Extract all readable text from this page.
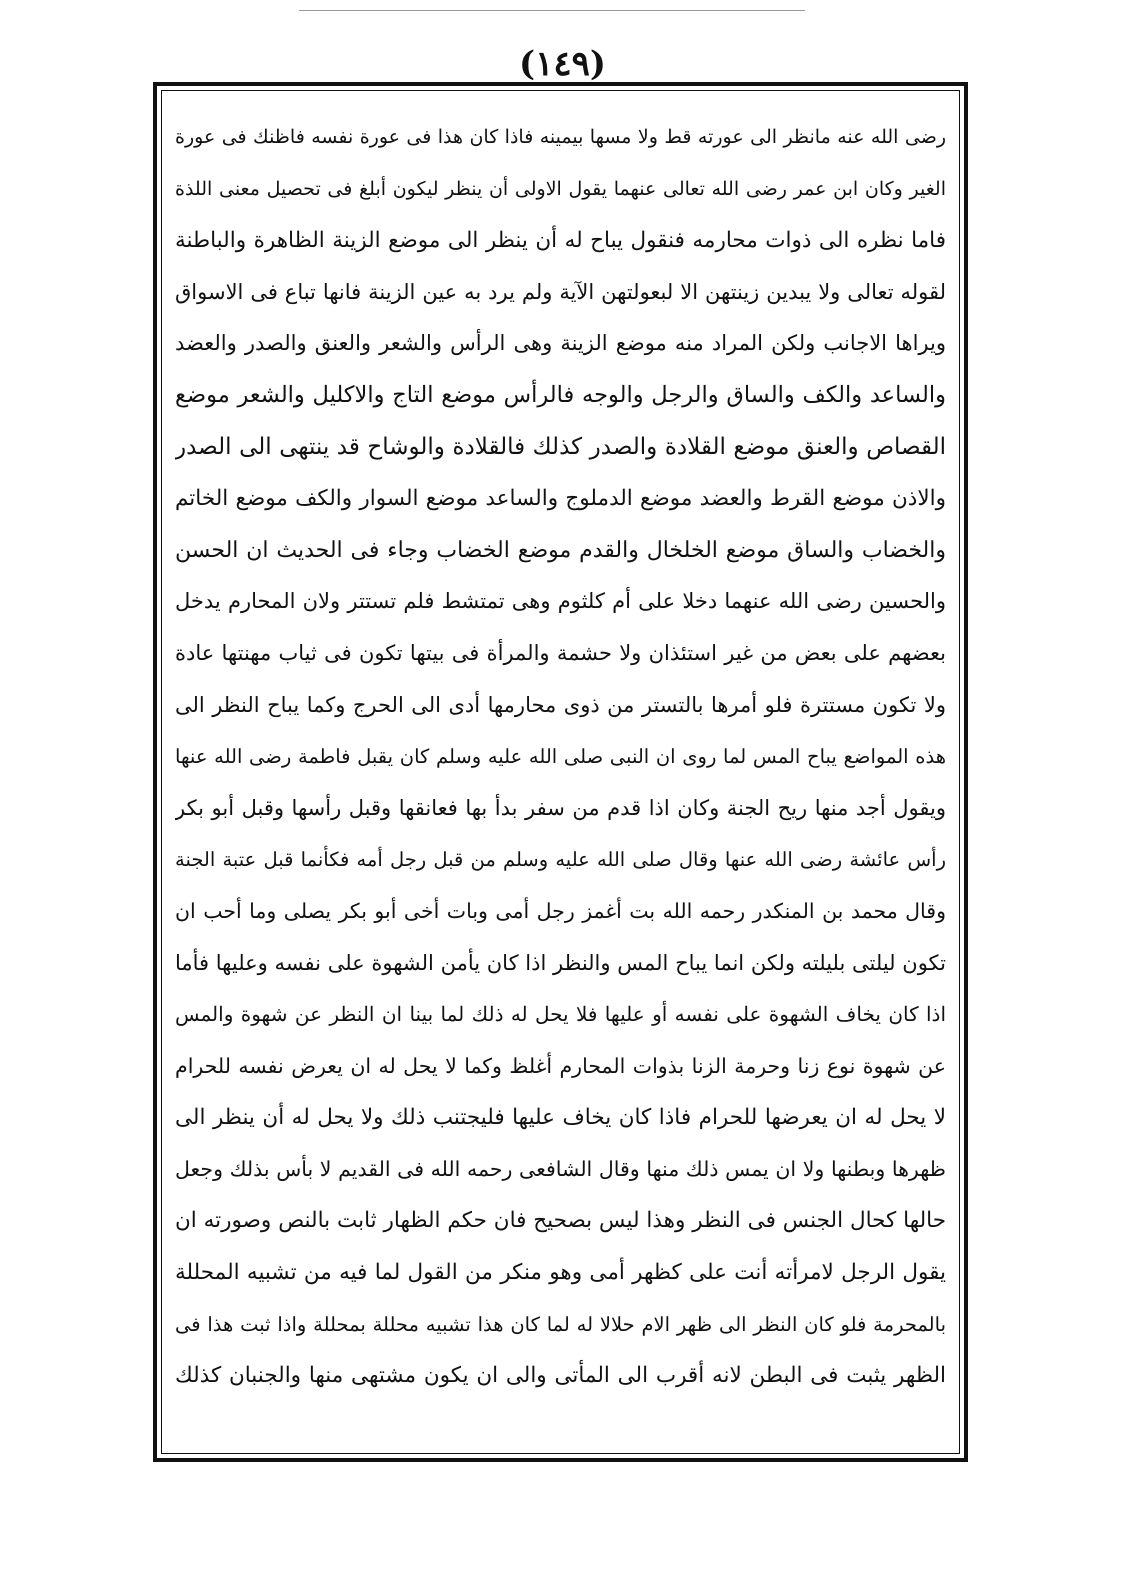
(١٤٩)
رضى الله عنه مانظر الى عورته قط ولا مسها بيمينه فاذا كان هذا فى عورة نفسه فاظنك فى عورة
الغير وكان ابن عمر رضى الله تعالى عنهما يقول الاولى أن ينظر ليكون أبلغ فى تحصيل معنى اللذة
فاما نظره الى ذوات محارمه فنقول يباح له أن ينظر الى موضع الزينة الظاهرة والباطنة
لقوله تعالى ولا يبدين زينتهن الا لبعولتهن الآية ولم يرد به عين الزينة فانها تباع فى الاسواق
ويراها الاجانب ولكن المراد منه موضع الزينة وهى الرأس والشعر والعنق والصدر والعضد
والساعد والكف والساق والرجل والوجه فالرأس موضع التاج والاكليل والشعر موضع
القصاص والعنق موضع القلادة والصدر كذلك فالقلادة والوشاح قد ينتهى الى الصدر
والاذن موضع القرط والعضد موضع الدملوج والساعد موضع السوار والكف موضع الخاتم
والخضاب والساق موضع الخلخال والقدم موضع الخضاب وجاء فى الحديث ان الحسن
والحسين رضى الله عنهما دخلا على أم كلثوم وهى تمتشط فلم تستتر ولان المحارم يدخل
بعضهم على بعض من غير استئذان ولا حشمة والمرأة فى بيتها تكون فى ثياب مهنتها عادة
ولا تكون مستترة فلو أمرها بالتستر من ذوى محارمها أدى الى الحرج وكما يباح النظر الى
هذه المواضع يباح المس لما روى ان النبى صلى الله عليه وسلم كان يقبل فاطمة رضى الله عنها
ويقول أجد منها ريح الجنة وكان اذا قدم من سفر بدأ بها فعانقها وقبل رأسها وقبل أبو بكر
رأس عائشة رضى الله عنها وقال صلى الله عليه وسلم من قبل رجل أمه فكأنما قبل عتبة الجنة
وقال محمد بن المنكدر رحمه الله بت أغمز رجل أمى وبات أخى أبو بكر يصلى وما أحب ان
تكون ليلتى بليلته ولكن انما يباح المس والنظر اذا كان يأمن الشهوة على نفسه وعليها فأما
اذا كان يخاف الشهوة على نفسه أو عليها فلا يحل له ذلك لما بينا ان النظر عن شهوة والمس
عن شهوة نوع زنا وحرمة الزنا بذوات المحارم أغلظ وكما لا يحل له ان يعرض نفسه للحرام
لا يحل له ان يعرضها للحرام فاذا كان يخاف عليها فليجتنب ذلك ولا يحل له أن ينظر الى
ظهرها وبطنها ولا ان يمس ذلك منها وقال الشافعى رحمه الله فى القديم لا بأس بذلك وجعل
حالها كحال الجنس فى النظر وهذا ليس بصحيح فان حكم الظهار ثابت بالنص وصورته ان
يقول الرجل لامرأته أنت على كظهر أمى وهو منكر من القول لما فيه من تشبيه المحللة
بالمحرمة فلو كان النظر الى ظهر الام حلالا له لما كان هذا تشبيه محللة بمحللة واذا ثبت هذا فى
الظهر يثبت فى البطن لانه أقرب الى المأتى والى ان يكون مشتهى منها والجنبان كذلك
